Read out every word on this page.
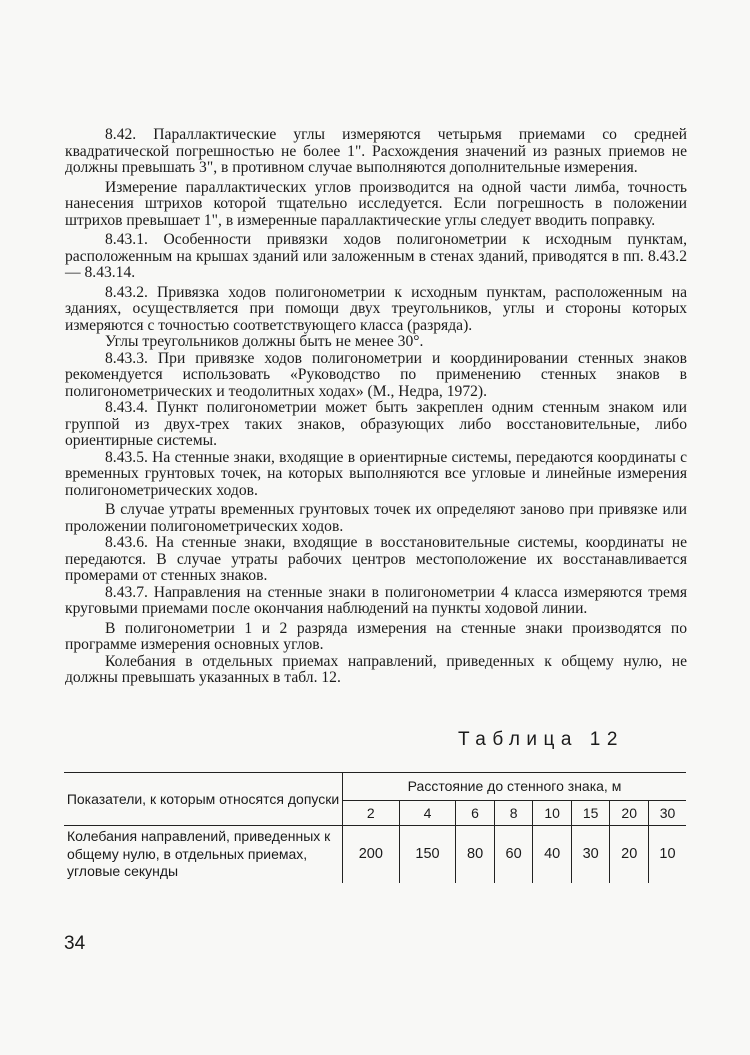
8.42. Параллактические углы измеряются четырьмя приемами со средней квадратической погрешностью не более 1". Расхождения значений из разных приемов не должны превышать 3", в противном случае выполняются дополнительные измерения.

Измерение параллактических углов производится на одной части лимба, точность нанесения штрихов которой тщательно исследуется. Если погрешность в положении штрихов превышает 1", в измеренные параллактические углы следует вводить поправку.

8.43.1. Особенности привязки ходов полигонометрии к исходным пунктам, расположенным на крышах зданий или заложенным в стенах зданий, приводятся в пп. 8.43.2 — 8.43.14.

8.43.2. Привязка ходов полигонометрии к исходным пунктам, расположенным на зданиях, осуществляется при помощи двух треугольников, углы и стороны которых измеряются с точностью соответствующего класса (разряда).

Углы треугольников должны быть не менее 30°.

8.43.3. При привязке ходов полигонометрии и координировании стенных знаков рекомендуется использовать «Руководство по применению стенных знаков в полигонометрических и теодолитных ходах» (М., Недра, 1972).

8.43.4. Пункт полигонометрии может быть закреплен одним стенным знаком или группой из двух-трех таких знаков, образующих либо восстановительные, либо ориентирные системы.

8.43.5. На стенные знаки, входящие в ориентирные системы, передаются координаты с временных грунтовых точек, на которых выполняются все угловые и линейные измерения полигонометрических ходов.

В случае утраты временных грунтовых точек их определяют заново при привязке или проложении полигонометрических ходов.

8.43.6. На стенные знаки, входящие в восстановительные системы, координаты не передаются. В случае утраты рабочих центров местоположение их восстанавливается промерами от стенных знаков.

8.43.7. Направления на стенные знаки в полигонометрии 4 класса измеряются тремя круговыми приемами после окончания наблюдений на пункты ходовой линии.

В полигонометрии 1 и 2 разряда измерения на стенные знаки производятся по программе измерения основных углов.

Колебания в отдельных приемах направлений, приведенных к общему нулю, не должны превышать указанных в табл. 12.

Таблица 12
Показатели, к которым относятся допуски	Расстояние до стенного знака, м							
	2	4	6	8	10	15	20	30
Колебания направлений, приведенных к общему нулю, в отдельных приемах, угловые секунды	200	150	80	60	40	30	20	10
34
